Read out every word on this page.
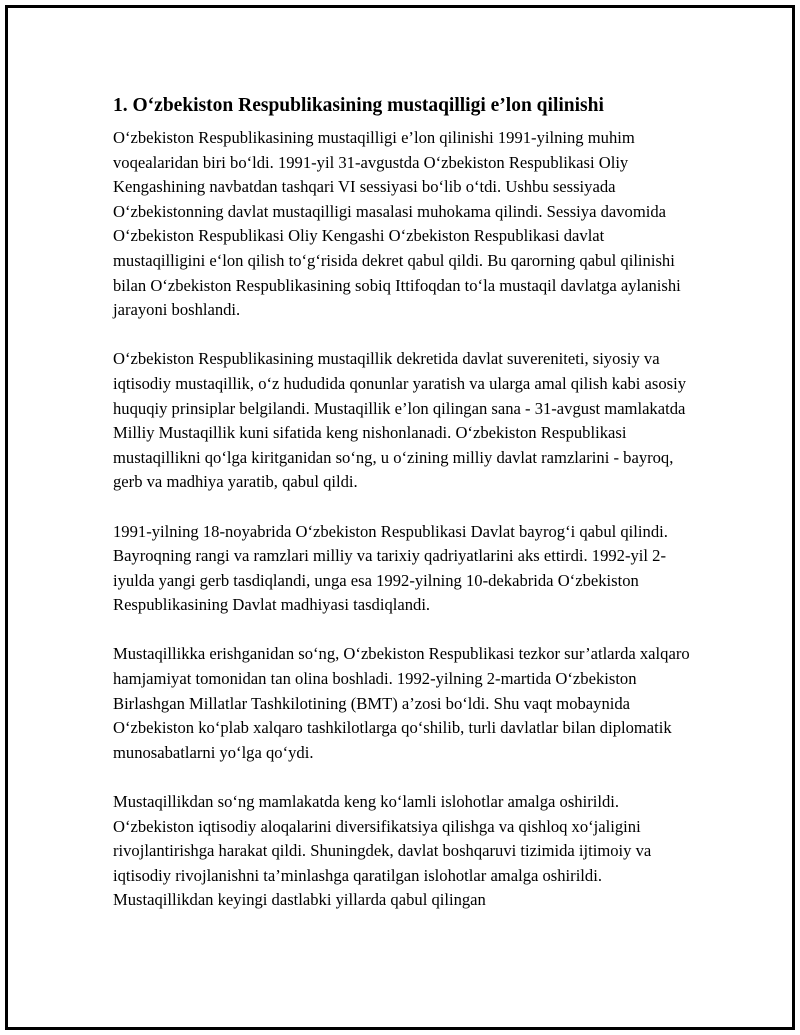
1. O‘zbekiston Respublikasining mustaqilligi e’lon qilinishi

O‘zbekiston Respublikasining mustaqilligi e’lon qilinishi 1991-yilning muhim voqealaridan biri bo‘ldi. 1991-yil 31-avgustda O‘zbekiston Respublikasi Oliy Kengashining navbatdan tashqari VI sessiyasi bo‘lib o‘tdi. Ushbu sessiyada O‘zbekistonning davlat mustaqilligi masalasi muhokama qilindi. Sessiya davomida O‘zbekiston Respublikasi Oliy Kengashi O‘zbekiston Respublikasi davlat mustaqilligini e‘lon qilish to‘g‘risida dekret qabul qildi. Bu qarorning qabul qilinishi bilan O‘zbekiston Respublikasining sobiq Ittifoqdan to‘la mustaqil davlatga aylanishi jarayoni boshlandi.

O‘zbekiston Respublikasining mustaqillik dekretida davlat suvereniteti, siyosiy va iqtisodiy mustaqillik, o‘z hududida qonunlar yaratish va ularga amal qilish kabi asosiy huquqiy prinsiplar belgilandi. Mustaqillik e’lon qilingan sana - 31-avgust mamlakatda Milliy Mustaqillik kuni sifatida keng nishonlanadi. O‘zbekiston Respublikasi mustaqillikni qo‘lga kiritganidan so‘ng, u o‘zining milliy davlat ramzlarini - bayroq, gerb va madhiya yaratib, qabul qildi.

1991-yilning 18-noyabrida O‘zbekiston Respublikasi Davlat bayrog‘i qabul qilindi. Bayroqning rangi va ramzlari milliy va tarixiy qadriyatlarini aks ettirdi. 1992-yil 2-iyulda yangi gerb tasdiqlandi, unga esa 1992-yilning 10-dekabrida O‘zbekiston Respublikasining Davlat madhiyasi tasdiqlandi.

Mustaqillikka erishganidan so‘ng, O‘zbekiston Respublikasi tezkor sur’atlarda xalqaro hamjamiyat tomonidan tan olina boshladi. 1992-yilning 2-martida O‘zbekiston Birlashgan Millatlar Tashkilotining (BMT) a’zosi bo‘ldi. Shu vaqt mobaynida O‘zbekiston ko‘plab xalqaro tashkilotlarga qo‘shilib, turli davlatlar bilan diplomatik munosabatlarni yo‘lga qo‘ydi.

Mustaqillikdan so‘ng mamlakatda keng ko‘lamli islohotlar amalga oshirildi. O‘zbekiston iqtisodiy aloqalarini diversifikatsiya qilishga va qishloq xo‘jaligini rivojlantirishga harakat qildi. Shuningdek, davlat boshqaruvi tizimida ijtimoiy va iqtisodiy rivojlanishni ta’minlashga qaratilgan islohotlar amalga oshirildi. Mustaqillikdan keyingi dastlabki yillarda qabul qilingan
